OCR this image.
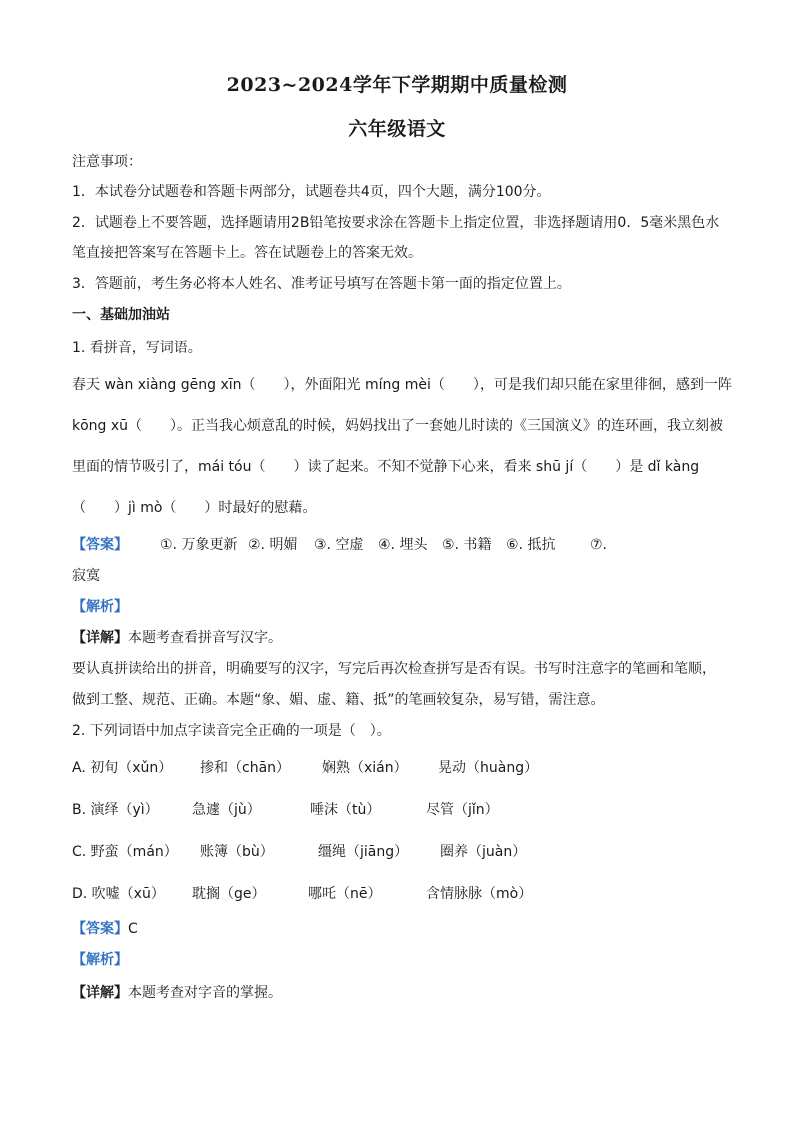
2023~2024学年下学期期中质量检测
六年级语文
注意事项：
1．本试卷分试题卷和答题卡两部分，试题卷共4页，四个大题，满分100分。
2．试题卷上不要答题，选择题请用2B铅笔按要求涂在答题卡上指定位置，非选择题请用0．5毫米黑色水
笔直接把答案写在答题卡上。答在试题卷上的答案无效。
3．答题前，考生务必将本人姓名、准考证号填写在答题卡第一面的指定位置上。
一、基础加油站
1. 看拼音，写词语。
春天 wàn xiàng gēng xīn（　　），外面阳光 míng mèi（　　），可是我们却只能在家里徘徊，感到一阵
kōng xū（　　）。正当我心烦意乱的时候，妈妈找出了一套她儿时读的《三国演义》的连环画，我立刻被
里面的情节吸引了，mái tóu（　　）读了起来。不知不觉静下心来，看来 shū jí（　　）是 dǐ kàng
（　　）jì mò（　　）时最好的慰藉。
【答案】	①. 万象更新 ②. 明媚	③. 空虚	④. 埋头	⑤. 书籍	⑥. 抵抗	⑦.
寂寞
【解析】
【详解】本题考查看拼音写汉字。
要认真拼读给出的拼音，明确要写的汉字，写完后再次检查拼写是否有误。书写时注意字的笔画和笔顺，
做到工整、规范、正确。本题“象、媚、虚、籍、抵”的笔画较复杂，易写错，需注意。
2. 下列词语中加点字读音完全正确的一项是（　）。
A. 初旬（xǔn）	掺和（chān）	娴熟（xián）	晃动（huàng）
B. 演绎（yì）	急遽（jù）	唾沫（tù）	尽管（jǐn）
C. 野蛮（mán）	账簿（bù）	缰绳（jiāng）	圈养（juàn）
D. 吹嘘（xū）	耽搁（ge）	哪吒（nē）	含情脉脉（mò）
【答案】C
【解析】
【详解】本题考查对字音的掌握。
